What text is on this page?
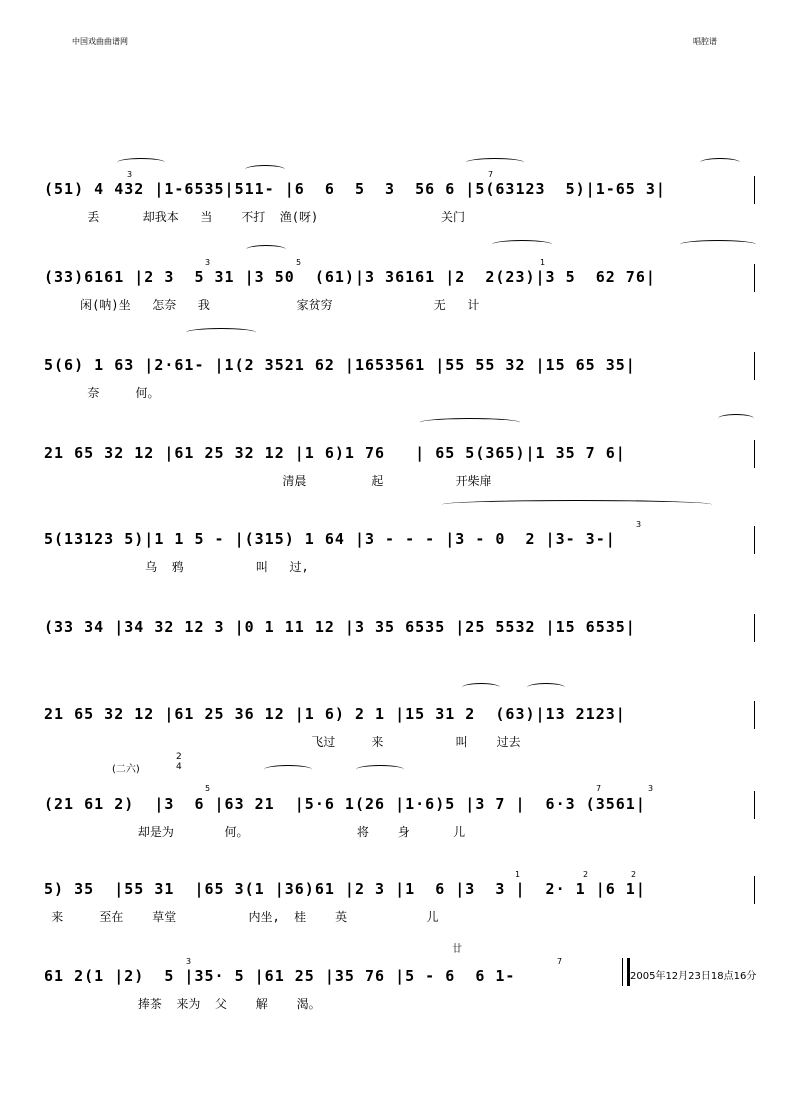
中国戏曲曲谱网	唱腔谱
(51) 4 432 |1-6535|511- |6  6  5  3  56 6 |5(63123  5)|1-65 3|
丢      却我本   当    不打  渔(呀)                 关门
(33)6161 |2 3  5 31 |3 50  (61)|3 36161 |2  2(23)|3 5  62 76|
闲(呐)坐   怎奈   我            家贫穷              无   计
5(6) 1 63 |2·61- |1(2 3521 62 |1653561 |55 55 32 |15 65 35|
奈     何。
21 65 32 12 |61 25 32 12 |1 6)1 76   | 65 5(365)|1 35 7 6|
清晨         起          开柴扉
5(13123 5)|1 1 5 - |(315) 1 64 |3 - - - |3 - 0  2 |3- 3-|
乌  鸦          叫   过,
(33 34 |34 32 12 3 |0 1 11 12 |3 35 6535 |25 5532 |15 6535|
21 65 32 12 |61 25 36 12 |1 6) 2 1 |15 31 2  (63)|13 2123|
飞过     来          叫    过去
(二六)
2
4
(21 61 2)  |3  6 |63 21  |5·6 1(26 |1·6)5 |3 7 |  6·3 (3561|
却是为       何。               将    身      儿
5) 35  |55 31  |65 3(1 |36)61 |2 3 |1  6 |3  3 |  2· 1 |6 1|
来     至在    草堂          内坐,  桂    英           儿
廿
61 2(1 |2)  5 |35· 5 |61 25 |35 76 |5 - 6  6 1-
捧茶  来为  父    解    渴。
2005年12月23日18点16分
3	7
3	5	1
3
5	7	3
1	2	2
3	7
